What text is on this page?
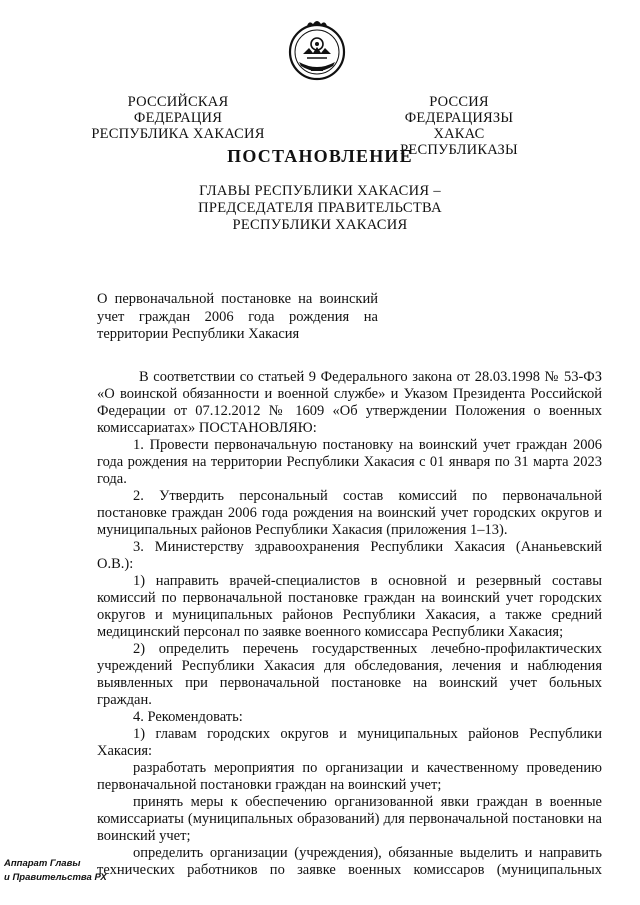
РОССИЙСКАЯ ФЕДЕРАЦИЯ
РЕСПУБЛИКА ХАКАСИЯ
РОССИЯ ФЕДЕРАЦИЯЗЫ
ХАКАС РЕСПУБЛИКАЗЫ
ПОСТАНОВЛЕНИЕ
ГЛАВЫ РЕСПУБЛИКИ ХАКАСИЯ –
ПРЕДСЕДАТЕЛЯ ПРАВИТЕЛЬСТВА
РЕСПУБЛИКИ ХАКАСИЯ
О первоначальной постановке на воинский
учет граждан 2006 года рождения на
территории Республики Хакасия

В соответствии со статьей 9 Федерального закона от 28.03.1998 № 53-ФЗ «О воинской обязанности и военной службе» и Указом Президента Российской Федерации от 07.12.2012 № 1609 «Об утверждении Положения о военных комиссариатах» ПОСТАНОВЛЯЮ:

1. Провести первоначальную постановку на воинский учет граждан 2006 года рождения на территории Республики Хакасия с 01 января по 31 марта 2023 года.

2. Утвердить персональный состав комиссий по первоначальной постановке граждан 2006 года рождения на воинский учет городских округов и муниципальных районов Республики Хакасия (приложения 1–13).

3. Министерству здравоохранения Республики Хакасия (Ананьевский О.В.):

1) направить врачей-специалистов в основной и резервный составы комиссий по первоначальной постановке граждан на воинский учет городских округов и муниципальных районов Республики Хакасия, а также средний медицинский персонал по заявке военного комиссара Республики Хакасия;

2) определить перечень государственных лечебно-профилактических учреждений Республики Хакасия для обследования, лечения и наблюдения выявленных при первоначальной постановке на воинский учет больных граждан.

4. Рекомендовать:

1) главам городских округов и муниципальных районов Республики Хакасия:

разработать мероприятия по организации и качественному проведению первоначальной постановки граждан на воинский учет;

принять меры к обеспечению организованной явки граждан в военные комиссариаты (муниципальных образований) для первоначальной постановки на воинский учет;

определить организации (учреждения), обязанные выделить и направить технических работников по заявке военных комиссаров (муниципальных

Аппарат Главы
и Правительства РХ
